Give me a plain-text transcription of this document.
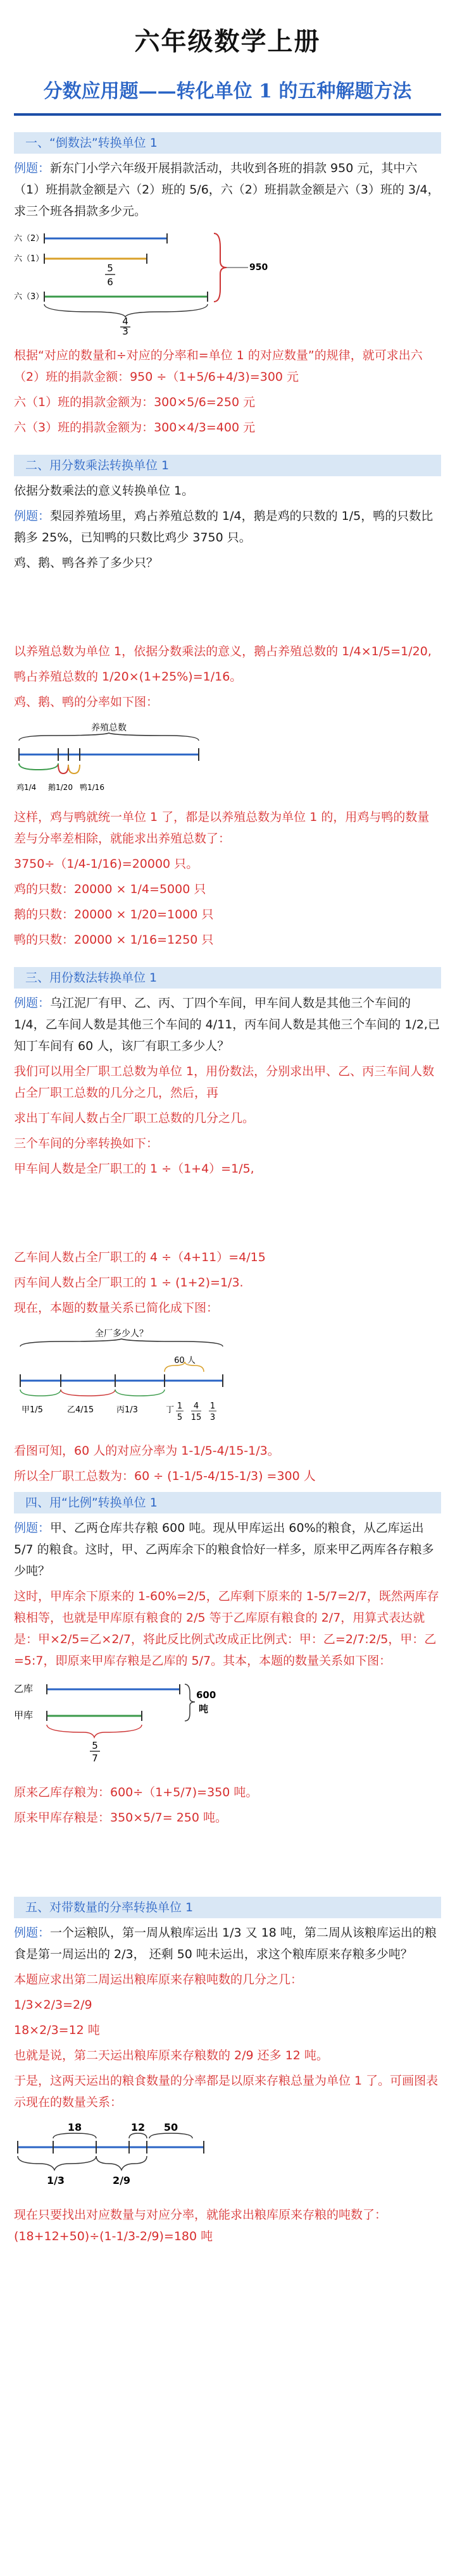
六年级数学上册
分数应用题——转化单位 1 的五种解题方法
一、“倒数法”转换单位 1

例题：新东门小学六年级开展捐款活动，共收到各班的捐款 950 元，其中六（1）班捐款金额是六（2）班的 5/6，六（2）班捐款金额是六（3）班的 3/4，求三个班各捐款多少元。

六（2）
六（1）
5
6
六（3）
4
3
950

根据“对应的数量和÷对应的分率和=单位 1 的对应数量”的规律，就可求出六（2）班的捐款金额：950 ÷（1+5/6+4/3)=300 元

六（1）班的捐款金额为：300×5/6=250 元

六（3）班的捐款金额为：300×4/3=400 元

二、用分数乘法转换单位 1

依据分数乘法的意义转换单位 1。

例题：梨园养殖场里，鸡占养殖总数的 1/4，鹅是鸡的只数的 1/5，鸭的只数比鹅多 25%，已知鸭的只数比鸡少 3750 只。

鸡、鹅、鸭各养了多少只？

以养殖总数为单位 1，依据分数乘法的意义，鹅占养殖总数的 1/4×1/5=1/20,

鸭占养殖总数的 1/20×(1+25%)=1/16。

鸡、鹅、鸭的分率如下图：

养殖总数
鸡1/4 鹅1/20 鸭1/16

这样，鸡与鸭就统一单位 1 了，都是以养殖总数为单位 1 的，用鸡与鸭的数量差与分率差相除，就能求出养殖总数了：

3750÷（1/4-1/16)=20000 只。

鸡的只数：20000 × 1/4=5000 只

鹅的只数：20000 × 1/20=1000 只

鸭的只数：20000 × 1/16=1250 只

三、用份数法转换单位 1

例题：乌江泥厂有甲、乙、丙、丁四个车间，甲车间人数是其他三个车间的 1/4，乙车间人数是其他三个车间的 4/11，丙车间人数是其他三个车间的 1/2,已知丁车间有 60 人，该厂有职工多少人？

我们可以用全厂职工总数为单位 1，用份数法，分别求出甲、乙、丙三车间人数占全厂职工总数的几分之几，然后，再

求出丁车间人数占全厂职工总数的几分之几。

三个车间的分率转换如下：

甲车间人数是全厂职工的 1 ÷（1+4）=1/5,

乙车间人数占全厂职工的 4 ÷（4+11）=4/15

丙车间人数占全厂职工的 1 ÷ (1+2)=1/3.

现在，本题的数量关系已简化成下图：

全厂多少人？
60 人
甲1/5	乙4/15	丙1/3	丁 1
5
4
15
1
3

看图可知，60 人的对应分率为 1-1/5-4/15-1/3。

所以全厂职工总数为：60 ÷ (1-1/5-4/15-1/3) =300 人

四、用“比例”转换单位 1

例题：甲、乙两仓库共存粮 600 吨。现从甲库运出 60%的粮食，从乙库运出 5/7 的粮食。这时，甲、乙两库余下的粮食恰好一样多，原来甲乙两库各存粮多少吨？

这时，甲库余下原来的 1-60%=2/5，乙库剩下原来的 1-5/7=2/7，既然两库存粮相等，也就是甲库原有粮食的 2/5 等于乙库原有粮食的 2/7，用算式表达就是：甲×2/5=乙×2/7，将此反比例式改成正比例式：甲：乙=2/7:2/5，甲：乙=5:7，即原来甲库存粮是乙库的 5/7。其本，本题的数量关系如下图：

乙库
甲库
600
吨
5
7

原来乙库存粮为：600÷（1+5/7)=350 吨。

原来甲库存粮是：350×5/7= 250 吨。

五、对带数量的分率转换单位 1

例题：一个运粮队，第一周从粮库运出 1/3 又 18 吨，第二周从该粮库运出的粮食是第一周运出的 2/3， 还剩 50 吨未运出，求这个粮库原来存粮多少吨？

本题应求出第二周运出粮库原来存粮吨数的几分之几：

1/3×2/3=2/9

18×2/3=12 吨

也就是说，第二天运出粮库原来存粮数的 2/9 还多 12 吨。

于是，这两天运出的粮食数量的分率都是以原来存粮总量为单位 1 了。可画图表示现在的数量关系：

18	12 50
1/3	2/9

现在只要找出对应数量与对应分率，就能求出粮库原来存粮的吨数了：(18+12+50)÷(1-1/3-2/9)=180 吨
